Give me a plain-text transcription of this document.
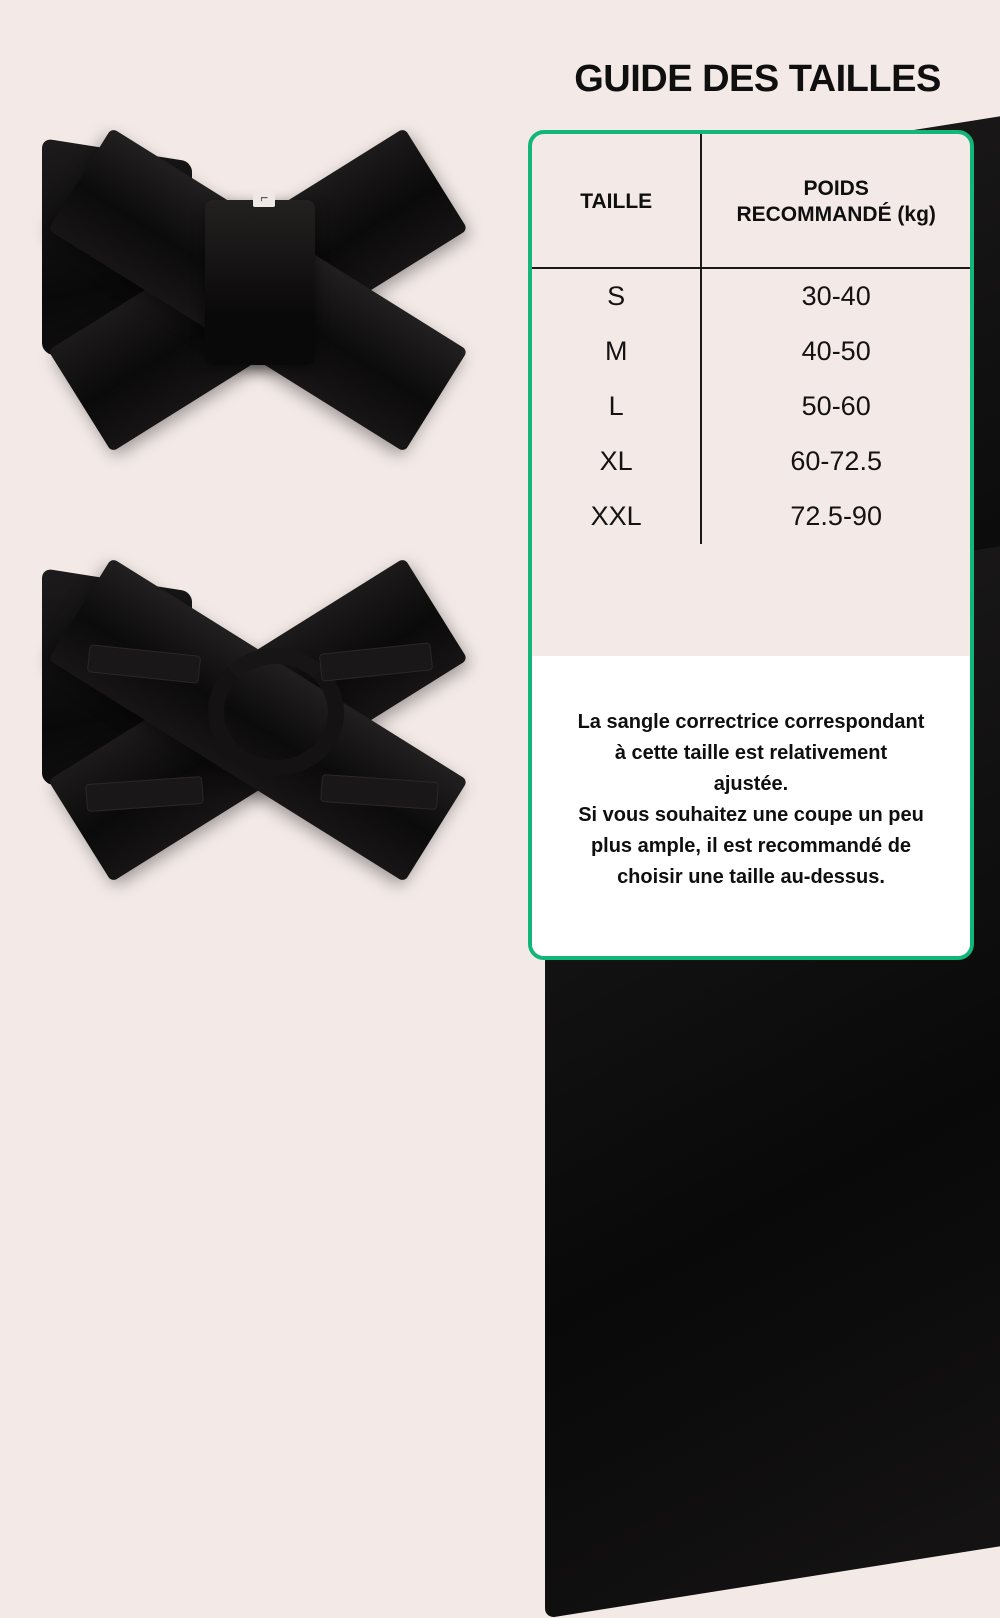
L
GUIDE DES TAILLES
TAILLE	POIDS
RECOMMANDÉ (kg)

S	30-40
M	40-50
L	50-60
XL	60-72.5
XXL	72.5-90

La sangle correctrice correspondant

à cette taille est relativement

ajustée.

Si vous souhaitez une coupe un peu

plus ample, il est recommandé de

choisir une taille au-dessus.
